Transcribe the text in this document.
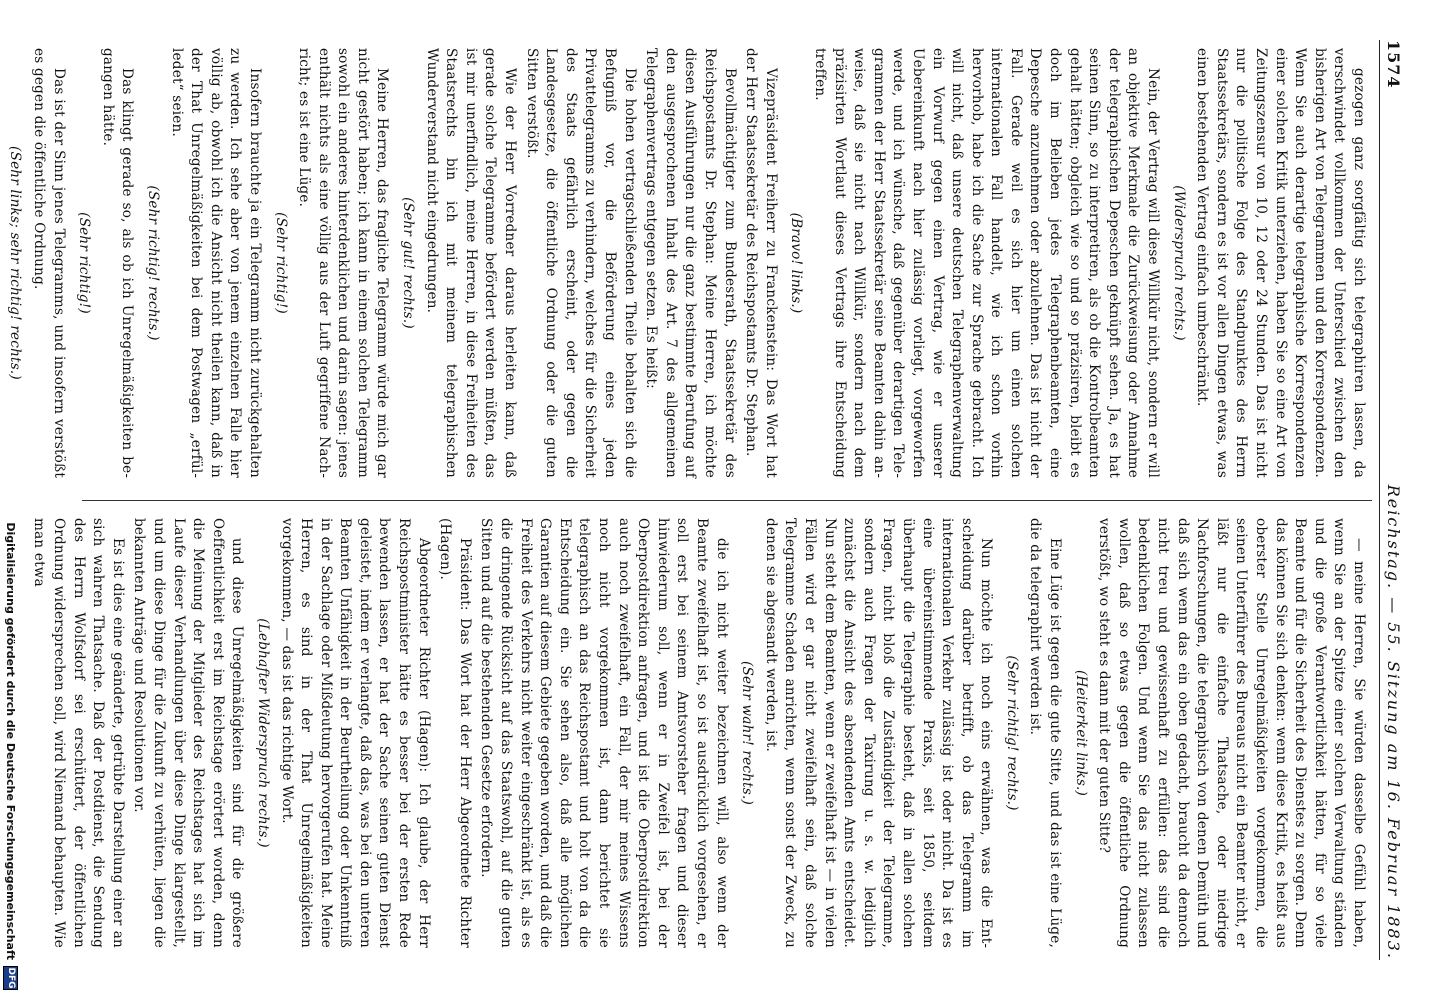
1574
Reichstag. — 55. Sitzung am 16. Februar 1883.

gezogen ganz sorgfältig sich telegraphiren lassen, da verschwindet vollkommen der Unterschied zwischen den bisherigen Art von Telegrammen und den Korrespondenzen. Wenn Sie auch derartige telegraphische Korrespondenzen einer solchen Kritik unterziehen, haben Sie so eine Art von Zeitungszensur von 10, 12 oder 24 Stunden. Das ist nicht nur die politische Folge des Standpunktes des Herrn Staatssekretärs, sondern es ist vor allen Dingen etwas, was einen bestehenden Vertrag einfach umbeschränkt.

(Widerspruch rechts.)

Nein, der Vertrag will diese Willkür nicht, sondern er will an objektive Merkmale die Zurückweisung oder Annahme der telegraphischen Depeschen geknüpft sehen. Ja, es hat seinen Sinn, so zu interpretiren, als ob die Kontrolbeamten gehalt hätten; obgleich wie so und so präzisiren, bleibt es doch im Belieben jedes Telegraphenbeamten, eine Depesche anzunehmen oder abzulehnen. Das ist nicht der Fall. Gerade weil es sich hier um einen solchen internationalen Fall handelt, wie ich schon vorhin hervorhob, habe ich die Sache zur Sprache gebracht. Ich will nicht, daß unsere deutschen Telegraphenverwaltung ein Vorwurf gegen einen Vertrag, wie er unserer Uebereinkunft nach hier zulässig vorliegt, vorgeworfen werde, und ich wünsche, daß gegenüber derartigen Telegrammen der Herr Staatssekretär seine Beamten dahin anweise, daß sie nicht nach Willkür, sondern nach dem präzisirten Wortlaut dieses Vertrags ihre Entscheidung treffen.

(Bravo! links.)

Vizepräsident Freiherr zu Franckenstein: Das Wort hat der Herr Staatssekretär des Reichspostamts Dr. Stephan.

Bevollmächtigter zum Bundesrath, Staatssekretär des Reichspostamts Dr. Stephan: Meine Herren, ich möchte diesen Ausführungen nur die ganz bestimmte Berufung auf den ausgesprochenen Inhalt des Art. 7 des allgemeinen Telegraphenvertrags entgegen setzen. Es heißt:

Die hohen vertragschließenden Theile behalten sich die Befugniß vor, die Beförderung eines jeden Privattelegramms zu verhindern, welches für die Sicherheit des Staats gefährlich erscheint, oder gegen die Landesgesetze, die öffentliche Ordnung oder die guten Sitten verstößt.

Wie der Herr Vorredner daraus herleiten kann, daß gerade solche Telegramme befördert werden müßten, das ist mir unerfindlich, meine Herren, in diese Freiheiten des Staatsrechts bin ich mit meinem telegraphischen Wunderverstand nicht eingedrungen.

(Sehr gut! rechts.)

Meine Herren, das fragliche Telegramm würde mich gar nicht gestört haben; ich kann in einem solchen Telegramm sowohl ein anderes hinterdenklichen und darin sagen: jenes enthält nichts als eine völlig aus der Luft gegriffene Nachricht; es ist eine Lüge.

(Sehr richtig!)

Insofern brauchte ja ein Telegramm nicht zurückgehalten zu werden. Ich sehe aber von jenem einzelnen Falle hier völlig ab, obwohl ich die Ansicht nicht theilen kann, daß in der That Unregelmäßigkeiten bei dem Postwagen „erfülledet“ seien.

(Sehr richtig! rechts.)

Das klingt gerade so, als ob ich Unregelmäßigkeiten begangen hätte.

(Sehr richtig!)

Das ist der Sinn jenes Telegramms, und insofern verstößt es gegen die öffentliche Ordnung.

(Sehr links; sehr richtig! rechts.)

— meine Herren, Sie würden dasselbe Gefühl haben, wenn Sie an der Spitze einer solchen Verwaltung ständen und die große Verantwortlichkeit hätten, für so viele Beamte und für die Sicherheit des Dienstes zu sorgen. Denn das können Sie sich denken: wenn diese Kritik, es heißt aus oberster Stelle Unregelmäßigkeiten vorgekommen, die seinen Unterführer des Bureaus nicht ein Beamter nicht, er läßt nur die einfache Thatsache, oder niedrige Nachforschungen, die telegraphisch von denen Demüth und daß sich wenn das ein oben gedacht, braucht da dennoch nicht treu und gewissenhaft zu erfüllen: das sind die bedenklichen Folgen. Und wenn Sie das nicht zulassen wollen, daß so etwas gegen die öffentliche Ordnung verstößt, wo steht es dann mit der guten Sitte?

(Heiterkeit links.)

Eine Lüge ist gegen die gute Sitte, und das ist eine Lüge, die da telegraphirt werden ist.

(Sehr richtig! rechts.)

Nun möchte ich noch eins erwähnen, was die Entscheidung darüber betrifft, ob das Telegramm im internationalen Verkehr zulässig ist oder nicht. Da ist es eine übereinstimmende Praxis, seit 1850, seitdem überhaupt die Telegraphie besteht, daß in allen solchen Fragen, nicht bloß die Zuständigkeit der Telegramme, sondern auch Fragen der Taxirung u. s. w. lediglich zunächst die Ansicht des absendenden Amts entscheidet. Nun steht dem Beamten, wenn er zweifelhaft ist — in vielen Fällen wird er gar nicht zweifelhaft sein, daß solche Telegramme Schaden anrichten, wenn sonst der Zweck, zu denen sie abgesandt werden, ist.

(Sehr wahr! rechts.)

die ich nicht weiter bezeichnen will, also wenn der Beamte zweifelhaft ist, so ist ausdrücklich vorgesehen, er soll erst bei seinem Amtsvorsteher fragen und dieser hinwiederum soll, wenn er in Zweifel ist, bei der Oberpostdirektion anfragen, und ist die Oberpostdirektion auch noch zweifelhaft, ein Fall, der mir meines Wissens noch nicht vorgekommen ist, dann berichtet sie telegraphisch an das Reichspostamt und holt von da die Entscheidung ein. Sie sehen also, daß alle möglichen Garantien auf diesem Gebiete gegeben worden, und daß die Freiheit des Verkehrs nicht weiter eingeschränkt ist, als es die dringende Rücksicht auf das Staatswohl, auf die guten Sitten und auf die bestehenden Gesetze erfordern.

Präsident: Das Wort hat der Herr Abgeordnete Richter (Hagen).

Abgeordneter Richter (Hagen): Ich glaube, der Herr Reichspostminister hätte es besser bei der ersten Rede bewenden lassen, er hat der Sache seinen guten Dienst geleistet, indem er verlangte, daß das, was bei den unteren Beamten Unfähigkeit in der Beurtheilung oder Unkenntniß in der Sachlage oder Mißdeutung hervorgerufen hat. Meine Herren, es sind in der That Unregelmäßigkeiten vorgekommen, — das ist das richtige Wort.

(Lebhafter Widerspruch rechts.)

und diese Unregelmäßigkeiten sind für die größere Oeffentlichkeit erst im Reichstage erörtert worden, denn die Meinung der Mitglieder des Reichstages hat sich im Laufe dieser Verhandlungen über diese Dinge klargestellt, und um diese Dinge für die Zukunft zu verhüten, liegen die bekannten Anträge und Resolutionen vor.

Es ist dies eine geänderte, getrübte Darstellung einer an sich wahren Thatsache. Daß der Postdienst, die Sendung des Herrn Wolfsdorf sei erschüttert, der öffentlichen Ordnung widersprechen soll, wird Niemand behaupten. Wie man etwa

Digitalisierung gefördert durch die Deutsche Forschungsgemeinschaft
DFG
